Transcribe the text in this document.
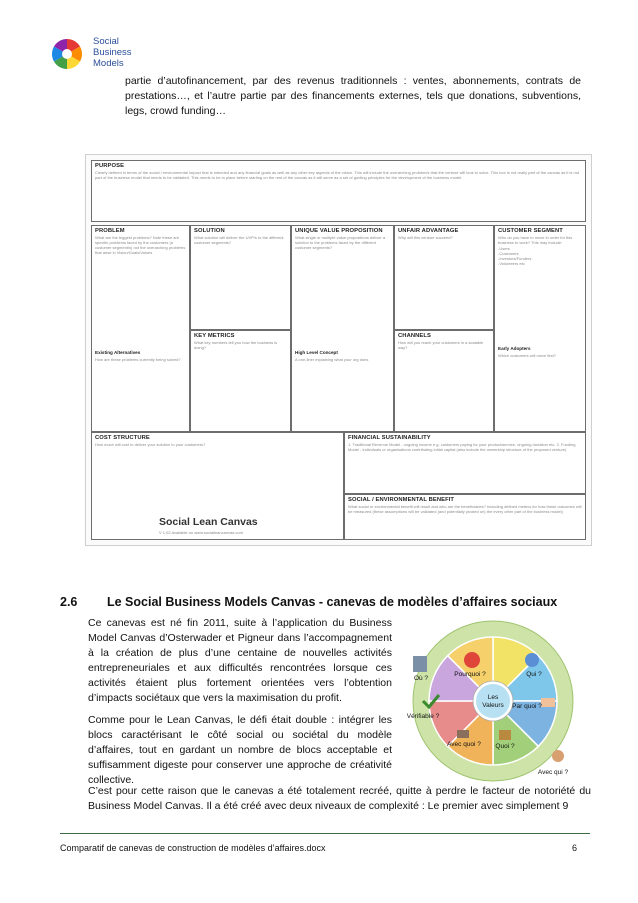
Social
Business
Models
partie d’autofinancement, par des revenus traditionnels : ventes, abonnements, contrats de prestations…, et l’autre partie par des financements externes, tels que donations, subventions, legs, crowd funding…
PURPOSE
Clearly defined in terms of the social / environmental impact that is intended and any financial goals as well as any other key aspects of the vision. This will include the overarching problem/s that the venture will look to solve. This box is not really part of the canvas as it is not part of the business model that needs to be validated. This needs to be in place before starting on the rest of the canvas as it will serve as a set of guiding principles for the development of the business model.
PROBLEM
What are the biggest problems? Note these are specific problems faced by the customers (a customer segment/s) not the overarching problems that arise in Vision/Goals/Values
Existing Alternatives
How are these problems currently being solved?
SOLUTION
What solution will deliver the UVP/s to the different customer segments?
KEY METRICS
What key numbers tell you how the business is doing?
UNIQUE VALUE PROPOSITION
What single or multiple value propositions deliver a solution to the problems faced by the different customer segments?
High Level Concept
A one-liner explaining what your org does
UNFAIR ADVANTAGE
Why will this venture succeed?
CHANNELS
How will you reach your customers in a scalable way?
CUSTOMER SEGMENT
Who do you have to move in order for this business to work? This may include:
-Users
-Customers
-Investors/Funders
-Volunteers etc
Early Adopters
Which customers will move first?
COST STRUCTURE
How much will cost to deliver your solution to your customers?
FINANCIAL SUSTAINABILITY
1. Traditional Revenue Model - ongoing income e.g. customers paying for your product/service, ongoing donation etc. 2. Funding Model - individuals or organisations contributing initial capital (also include the ownership structure of the proposed venture)
SOCIAL / ENVIRONMENTAL BENEFIT
What social or environmental benefit will result and who are the beneficiaries? Including defined metrics for how these outcomes will be measured (these assumptions will be validated (and potentially pivoted on) the every other part of the business model)
Social Lean Canvas
V 1.02 Available on www.socialleancanvas.com
2.6 Le Social Business Models Canvas - canevas de modèles d’affaires sociaux
Ce canevas est né fin 2011, suite à l’application du Business Model Canvas d’Osterwader et Pigneur dans l’accompagnement à la création de plus d’une centaine de nouvelles activités entrepreneuriales et aux difficultés rencontrées lorsque ces activités étaient plus fortement orientées vers l’obtention d’impacts sociétaux que vers la maximisation du profit.
Comme pour le Lean Canvas, le défi était double : intégrer les blocs caractérisant le côté social ou sociétal du modèle d’affaires, tout en gardant un nombre de blocs acceptable et suffisamment digeste pour conserver une approche de créativité collective.
C’est pour cette raison que le canevas a été totalement recréé, quitte à perdre le facteur de notoriété du Business Model Canvas. Il a été créé avec deux niveaux de complexité : Le premier avec simplement 9
Les
Valeurs
Où ?
Pourquoi ?	Qui ?
Par quoi ?
Vérifiable ?
Avec quoi ? Quoi ?
Avec qui ?
Comparatif de canevas de construction de modèles d’affaires.docx	6
